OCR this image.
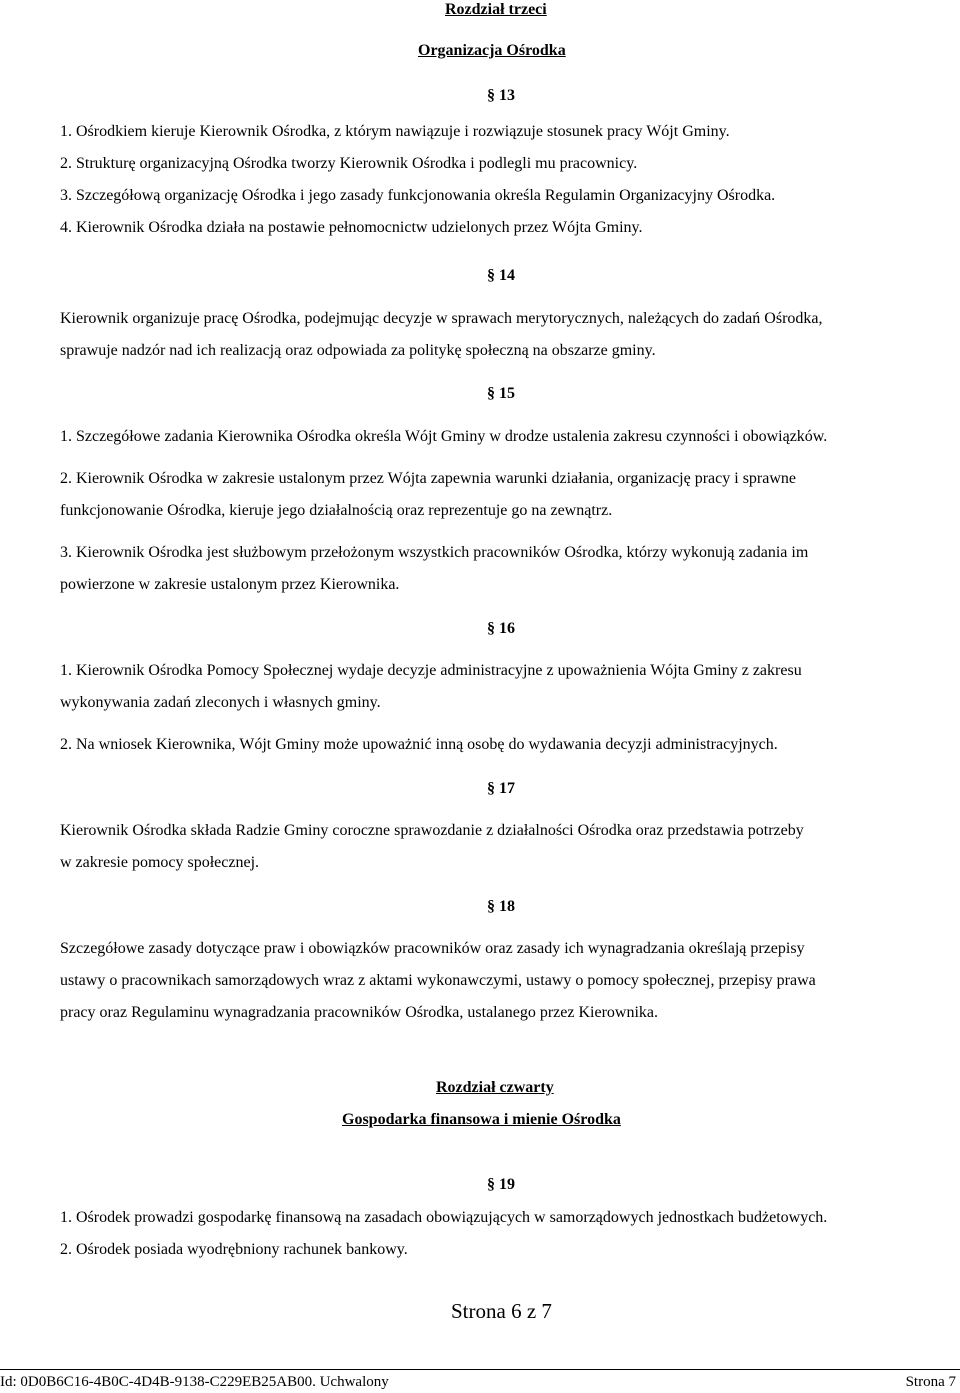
Rozdział trzeci
Organizacja Ośrodka
§ 13
1. Ośrodkiem kieruje Kierownik Ośrodka, z którym nawiązuje i rozwiązuje stosunek pracy Wójt Gminy.
2. Strukturę organizacyjną Ośrodka tworzy Kierownik Ośrodka i podlegli mu pracownicy.
3. Szczegółową organizację Ośrodka i jego zasady funkcjonowania określa Regulamin Organizacyjny Ośrodka.
4. Kierownik Ośrodka działa na postawie pełnomocnictw udzielonych przez Wójta Gminy.
§ 14
Kierownik organizuje pracę Ośrodka, podejmując decyzje w sprawach merytorycznych, należących do zadań Ośrodka,
sprawuje nadzór nad ich realizacją oraz odpowiada za politykę społeczną na obszarze gminy.
§ 15
1. Szczegółowe zadania Kierownika Ośrodka określa Wójt Gminy w drodze ustalenia zakresu czynności i obowiązków.
2. Kierownik Ośrodka w zakresie ustalonym przez Wójta zapewnia warunki działania, organizację pracy i sprawne
funkcjonowanie Ośrodka, kieruje jego działalnością oraz reprezentuje go na zewnątrz.
3. Kierownik Ośrodka jest służbowym przełożonym wszystkich pracowników Ośrodka, którzy wykonują zadania im
powierzone w zakresie ustalonym przez Kierownika.
§ 16
1. Kierownik Ośrodka Pomocy Społecznej wydaje decyzje administracyjne z upoważnienia Wójta Gminy z zakresu
wykonywania zadań zleconych i własnych gminy.
2. Na wniosek Kierownika, Wójt Gminy może upoważnić inną osobę do wydawania decyzji administracyjnych.
§ 17
Kierownik Ośrodka składa Radzie Gminy coroczne sprawozdanie z działalności Ośrodka oraz przedstawia potrzeby
w zakresie pomocy społecznej.
§ 18
Szczegółowe zasady dotyczące praw i obowiązków pracowników oraz zasady ich wynagradzania określają przepisy
ustawy o pracownikach samorządowych wraz z aktami wykonawczymi, ustawy o pomocy społecznej, przepisy prawa
pracy oraz Regulaminu wynagradzania pracowników Ośrodka, ustalanego przez Kierownika.
Rozdział czwarty
Gospodarka finansowa i mienie Ośrodka
§ 19
1. Ośrodek prowadzi gospodarkę finansową na zasadach obowiązujących w samorządowych jednostkach budżetowych.
2. Ośrodek posiada wyodrębniony rachunek bankowy.
Strona 6 z 7
Id: 0D0B6C16-4B0C-4D4B-9138-C229EB25AB00. Uchwalony	Strona 7
